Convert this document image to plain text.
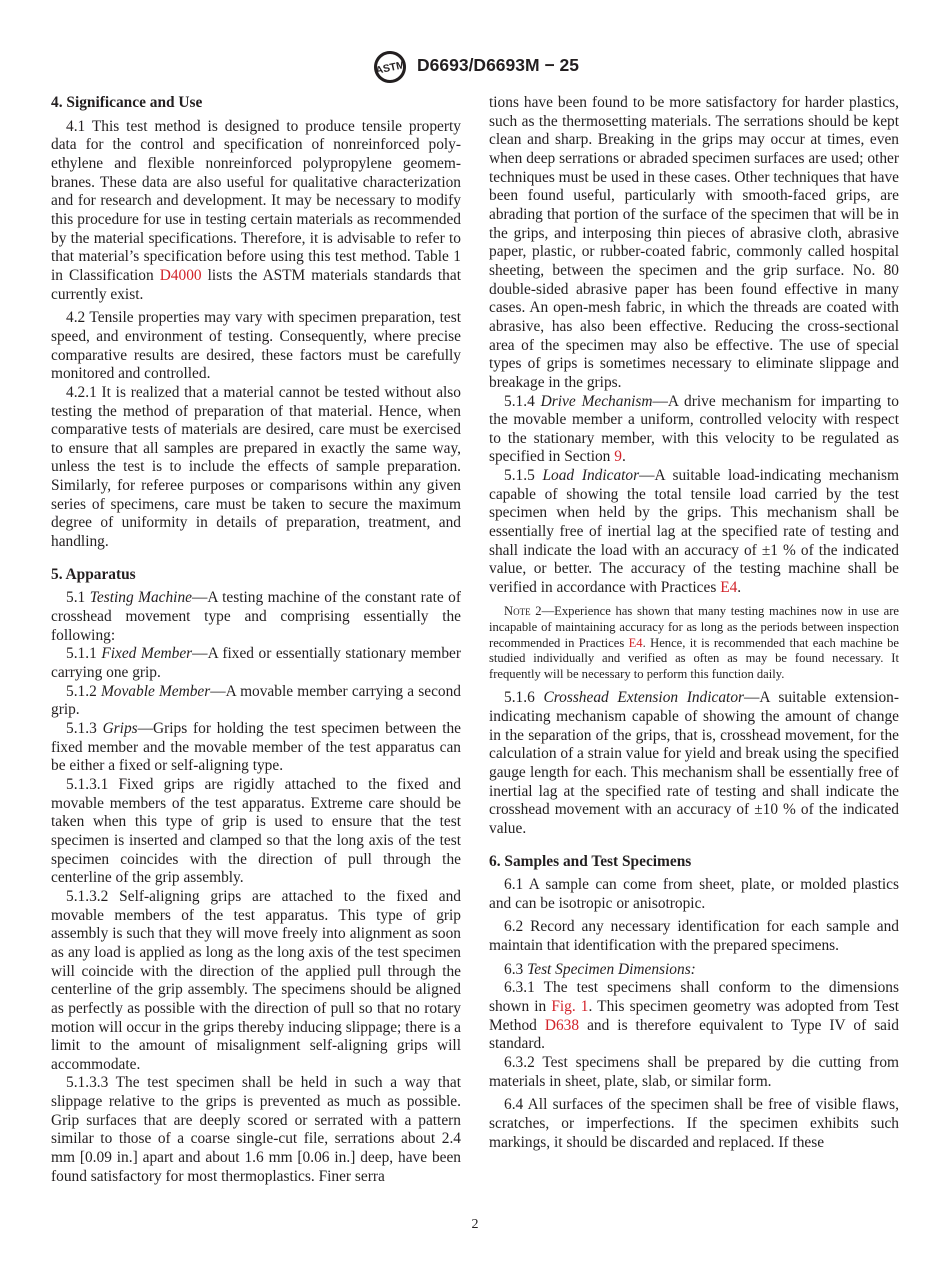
ASTM D6693/D6693M − 25
4. Significance and Use

4.1 This test method is designed to produce tensile property data for the control and specification of nonreinforced polyethylene and flexible nonreinforced polypropylene geomembranes. These data are also useful for qualitative characterization and for research and development. It may be necessary to modify this procedure for use in testing certain materials as recommended by the material specifications. Therefore, it is advisable to refer to that material’s specification before using this test method. Table 1 in Classification D4000 lists the ASTM materials standards that currently exist.

4.2 Tensile properties may vary with specimen preparation, test speed, and environment of testing. Consequently, where precise comparative results are desired, these factors must be carefully monitored and controlled.

4.2.1 It is realized that a material cannot be tested without also testing the method of preparation of that material. Hence, when comparative tests of materials are desired, care must be exercised to ensure that all samples are prepared in exactly the same way, unless the test is to include the effects of sample preparation. Similarly, for referee purposes or comparisons within any given series of specimens, care must be taken to secure the maximum degree of uniformity in details of preparation, treatment, and handling.

5. Apparatus

5.1 Testing Machine—A testing machine of the constant rate of crosshead movement type and comprising essentially the following:

5.1.1 Fixed Member—A fixed or essentially stationary member carrying one grip.

5.1.2 Movable Member—A movable member carrying a second grip.

5.1.3 Grips—Grips for holding the test specimen between the fixed member and the movable member of the test apparatus can be either a fixed or self-aligning type.

5.1.3.1 Fixed grips are rigidly attached to the fixed and movable members of the test apparatus. Extreme care should be taken when this type of grip is used to ensure that the test specimen is inserted and clamped so that the long axis of the test specimen coincides with the direction of pull through the centerline of the grip assembly.

5.1.3.2 Self-aligning grips are attached to the fixed and movable members of the test apparatus. This type of grip assembly is such that they will move freely into alignment as soon as any load is applied as long as the long axis of the test specimen will coincide with the direction of the applied pull through the centerline of the grip assembly. The specimens should be aligned as perfectly as possible with the direction of pull so that no rotary motion will occur in the grips thereby inducing slippage; there is a limit to the amount of misalignment self-aligning grips will accommodate.

5.1.3.3 The test specimen shall be held in such a way that slippage relative to the grips is prevented as much as possible. Grip surfaces that are deeply scored or serrated with a pattern similar to those of a coarse single-cut file, serrations about 2.4 mm [0.09 in.] apart and about 1.6 mm [0.06 in.] deep, have been found satisfactory for most thermoplastics. Finer serra

tions have been found to be more satisfactory for harder plastics, such as the thermosetting materials. The serrations should be kept clean and sharp. Breaking in the grips may occur at times, even when deep serrations or abraded specimen surfaces are used; other techniques must be used in these cases. Other techniques that have been found useful, particularly with smooth-faced grips, are abrading that portion of the surface of the specimen that will be in the grips, and interposing thin pieces of abrasive cloth, abrasive paper, plastic, or rubber-coated fabric, commonly called hospital sheeting, between the specimen and the grip surface. No. 80 double-sided abrasive paper has been found effective in many cases. An open-mesh fabric, in which the threads are coated with abrasive, has also been effective. Reducing the cross-sectional area of the specimen may also be effective. The use of special types of grips is sometimes necessary to eliminate slippage and breakage in the grips.

5.1.4 Drive Mechanism—A drive mechanism for imparting to the movable member a uniform, controlled velocity with respect to the stationary member, with this velocity to be regulated as specified in Section 9.

5.1.5 Load Indicator—A suitable load-indicating mechanism capable of showing the total tensile load carried by the test specimen when held by the grips. This mechanism shall be essentially free of inertial lag at the specified rate of testing and shall indicate the load with an accuracy of ±1 % of the indicated value, or better. The accuracy of the testing machine shall be verified in accordance with Practices E4.

Note 2—Experience has shown that many testing machines now in use are incapable of maintaining accuracy for as long as the periods between inspection recommended in Practices E4. Hence, it is recommended that each machine be studied individually and verified as often as may be found necessary. It frequently will be necessary to perform this function daily.

5.1.6 Crosshead Extension Indicator—A suitable extension-indicating mechanism capable of showing the amount of change in the separation of the grips, that is, crosshead movement, for the calculation of a strain value for yield and break using the specified gauge length for each. This mechanism shall be essentially free of inertial lag at the specified rate of testing and shall indicate the crosshead movement with an accuracy of ±10 % of the indicated value.

6. Samples and Test Specimens

6.1 A sample can come from sheet, plate, or molded plastics and can be isotropic or anisotropic.

6.2 Record any necessary identification for each sample and maintain that identification with the prepared specimens.

6.3 Test Specimen Dimensions:

6.3.1 The test specimens shall conform to the dimensions shown in Fig. 1. This specimen geometry was adopted from Test Method D638 and is therefore equivalent to Type IV of said standard.

6.3.2 Test specimens shall be prepared by die cutting from materials in sheet, plate, slab, or similar form.

6.4 All surfaces of the specimen shall be free of visible flaws, scratches, or imperfections. If the specimen exhibits such markings, it should be discarded and replaced. If these

2
